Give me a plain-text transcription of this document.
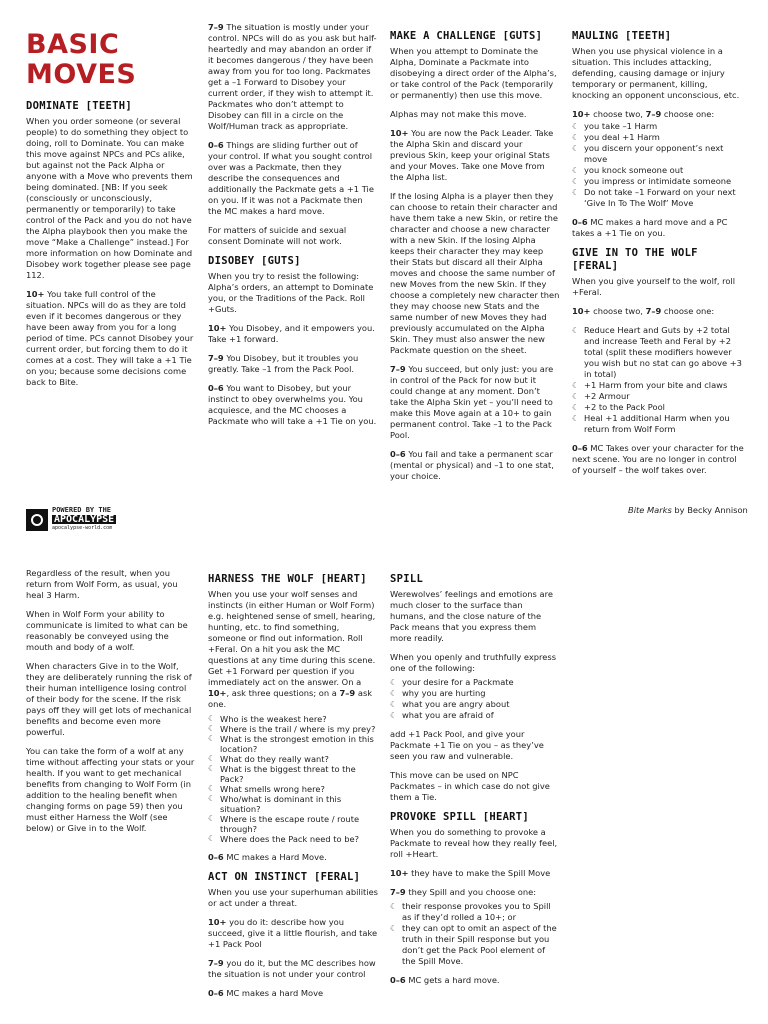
BASIC MOVES
DOMINATE [TEETH]

When you order someone (or several people) to do something they object to doing, roll to Dominate. You can make this move against NPCs and PCs alike, but against not the Pack Alpha or anyone with a Move who prevents them being dominated. [NB: If you seek (consciously or unconsciously, permanently or temporarily) to take control of the Pack and you do not have the Alpha playbook then you make the move “Make a Challenge” instead.] For more information on how Dominate and Disobey work together please see page 112.

10+ You take full control of the situation. NPCs will do as they are told even if it becomes dangerous or they have been away from you for a long period of time. PCs cannot Disobey your current order, but forcing them to do it comes at a cost. They will take a +1 Tie on you; because some decisions come back to Bite.

7–9 The situation is mostly under your control. NPCs will do as you ask but half-heartedly and may abandon an order if it becomes dangerous / they have been away from you for too long. Packmates get a –1 Forward to Disobey your current order, if they wish to attempt it. Packmates who don’t attempt to Disobey can fill in a circle on the Wolf/Human track as appropriate.

0–6 Things are sliding further out of your control. If what you sought control over was a Packmate, then they describe the consequences and additionally the Packmate gets a +1 Tie on you. If it was not a Packmate then the MC makes a hard move.

For matters of suicide and sexual consent Dominate will not work.

DISOBEY [GUTS]

When you try to resist the following: Alpha’s orders, an attempt to Dominate you, or the Traditions of the Pack. Roll +Guts.

10+ You Disobey, and it empowers you. Take +1 forward.

7–9 You Disobey, but it troubles you greatly. Take –1 from the Pack Pool.

0–6 You want to Disobey, but your instinct to obey overwhelms you. You acquiesce, and the MC chooses a Packmate who will take a +1 Tie on you.

MAKE A CHALLENGE [GUTS]

When you attempt to Dominate the Alpha, Dominate a Packmate into disobeying a direct order of the Alpha’s, or take control of the Pack (temporarily or permanently) then use this move.

Alphas may not make this move.

10+ You are now the Pack Leader. Take the Alpha Skin and discard your previous Skin, keep your original Stats and your Moves. Take one Move from the Alpha list.

If the losing Alpha is a player then they can choose to retain their character and have them take a new Skin, or retire the character and choose a new character with a new Skin. If the losing Alpha keeps their character they may keep their Stats but discard all their Alpha moves and choose the same number of new Moves from the new Skin. If they choose a completely new character then they may choose new Stats and the same number of new Moves they had previously accumulated on the Alpha Skin. They must also answer the new Packmate question on the sheet.

7–9 You succeed, but only just: you are in control of the Pack for now but it could change at any moment. Don’t take the Alpha Skin yet – you’ll need to make this Move again at a 10+ to gain permanent control. Take –1 to the Pack Pool.

0–6 You fail and take a permanent scar (mental or physical) and –1 to one stat, your choice.

MAULING [TEETH]

When you use physical violence in a situation. This includes attacking, defending, causing damage or injury temporary or permanent, killing, knocking an opponent unconscious, etc.

10+ choose two, 7–9 choose one:

☾ you take –1 Harm
☾ you deal +1 Harm
☾ you discern your opponent’s next move
☾ you knock someone out
☾ you impress or intimidate someone
☾ Do not take –1 Forward on your next ‘Give In To The Wolf’ Move

0–6 MC makes a hard move and a PC takes a +1 Tie on you.

GIVE IN TO THE WOLF [FERAL]

When you give yourself to the wolf, roll +Feral.

10+ choose two, 7–9 choose one:

☾ Reduce Heart and Guts by +2 total and increase Teeth and Feral by +2 total (split these modifiers however you wish but no stat can go above +3 in total)
☾ +1 Harm from your bite and claws
☾ +2 Armour
☾ +2 to the Pack Pool
☾ Heal +1 additional Harm when you return from Wolf Form

0–6 MC Takes over your character for the next scene. You are no longer in control of yourself – the wolf takes over.

Bite Marks by Becky Annison
POWERED BY THE
APOCALYPSE
apocalypse-world.com

Regardless of the result, when you return from Wolf Form, as usual, you heal 3 Harm.

When in Wolf Form your ability to communicate is limited to what can be reasonably be conveyed using the mouth and body of a wolf.

When characters Give in to the Wolf, they are deliberately running the risk of their human intelligence losing control of their body for the scene. If the risk pays off they will get lots of mechanical benefits and become even more powerful.

You can take the form of a wolf at any time without affecting your stats or your health. If you want to get mechanical benefits from changing to Wolf Form (in addition to the healing benefit when changing forms on page 59) then you must either Harness the Wolf (see below) or Give in to the Wolf.

HARNESS THE WOLF [HEART]

When you use your wolf senses and instincts (in either Human or Wolf Form) e.g. heightened sense of smell, hearing, hunting, etc. to find something, someone or find out information. Roll +Feral. On a hit you ask the MC questions at any time during this scene. Get +1 Forward per question if you immediately act on the answer. On a 10+, ask three questions; on a 7–9 ask one.

☾ Who is the weakest here?
☾ Where is the trail / where is my prey?
☾ What is the strongest emotion in this location?
☾ What do they really want?
☾ What is the biggest threat to the Pack?
☾ What smells wrong here?
☾ Who/what is dominant in this situation?
☾ Where is the escape route / route through?
☾ Where does the Pack need to be?

0–6 MC makes a Hard Move.

ACT ON INSTINCT [FERAL]

When you use your superhuman abilities or act under a threat.

10+ you do it: describe how you succeed, give it a little flourish, and take +1 Pack Pool

7–9 you do it, but the MC describes how the situation is not under your control

0–6 MC makes a hard Move

SPILL

Werewolves’ feelings and emotions are much closer to the surface than humans, and the close nature of the Pack means that you express them more readily.

When you openly and truthfully express one of the following:

☾ your desire for a Packmate
☾ why you are hurting
☾ what you are angry about
☾ what you are afraid of

add +1 Pack Pool, and give your Packmate +1 Tie on you – as they’ve seen you raw and vulnerable.

This move can be used on NPC Packmates – in which case do not give them a Tie.

PROVOKE SPILL [HEART]

When you do something to provoke a Packmate to reveal how they really feel, roll +Heart.

10+ they have to make the Spill Move

7–9 they Spill and you choose one:

☾ their response provokes you to Spill as if they’d rolled a 10+; or
☾ they can opt to omit an aspect of the truth in their Spill response but you don’t get the Pack Pool element of the Spill Move.

0–6 MC gets a hard move.
